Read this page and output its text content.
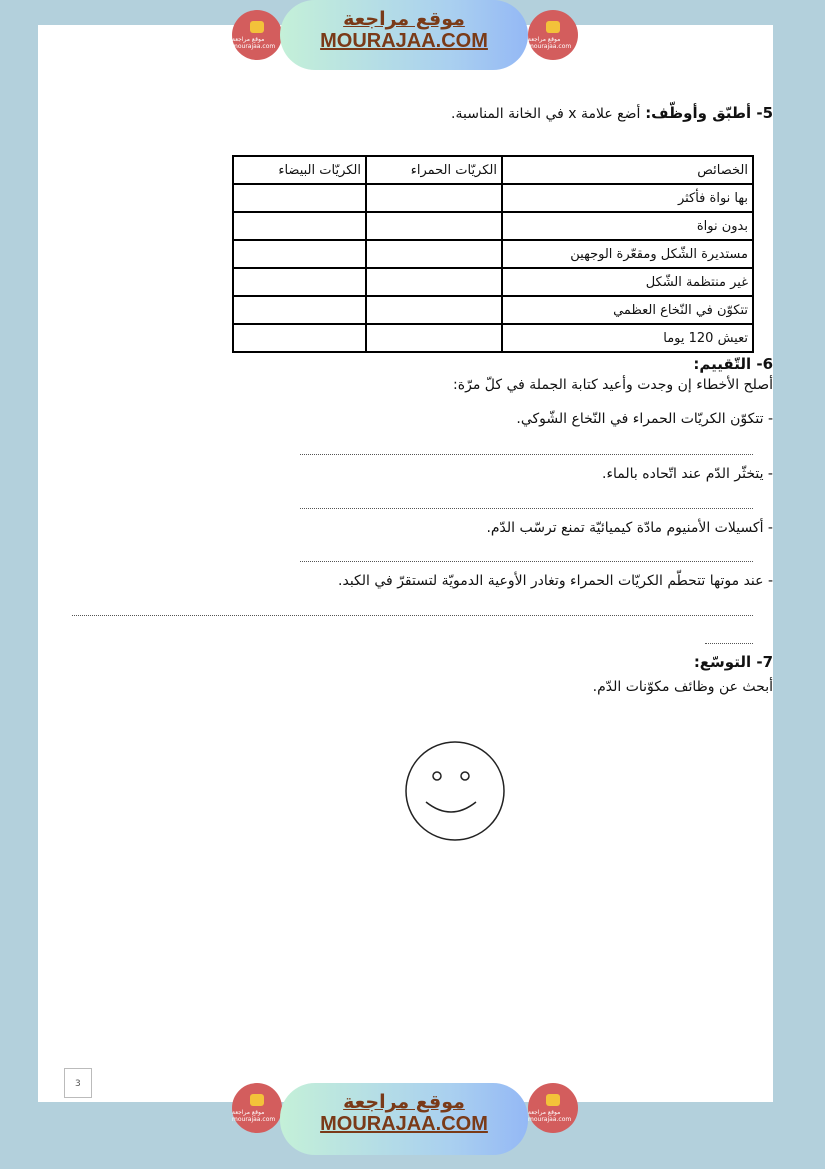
موقع مراجعة mourajaa.com
موقع مراجعة
MOURAJAA.COM	موقع مراجعة mourajaa.com
5- أطبّق وأوظّف: أضع علامة x في الخانة المناسبة.
الخصائص	الكريّات الحمراء	الكريّات البيضاء
بها نواة فأكثر		
بدون نواة		
مستديرة الشّكل ومقعّرة الوجهين		
غير منتظمة الشّكل		
تتكوّن في النّخاع العظمي		
تعيش 120 يوما		
6- التّقييم:
أصلح الأخطاء إن وجدت وأعيد كتابة الجملة في كلّ مرّة:
- تتكوّن الكريّات الحمراء في النّخاع الشّوكي.
- يتخثّر الدّم عند اتّحاده بالماء.
- أكسيلات الأمنيوم مادّة كيميائيّة تمنع ترسّب الدّم.
- عند موتها تتحطّم الكريّات الحمراء وتغادر الأوعية الدمويّة لتستقرّ في الكبد.
7- التوسّع:
أبحث عن وظائف مكوّنات الدّم.
3
موقع مراجعة mourajaa.com
موقع مراجعة
MOURAJAA.COM
موقع مراجعة mourajaa.com
